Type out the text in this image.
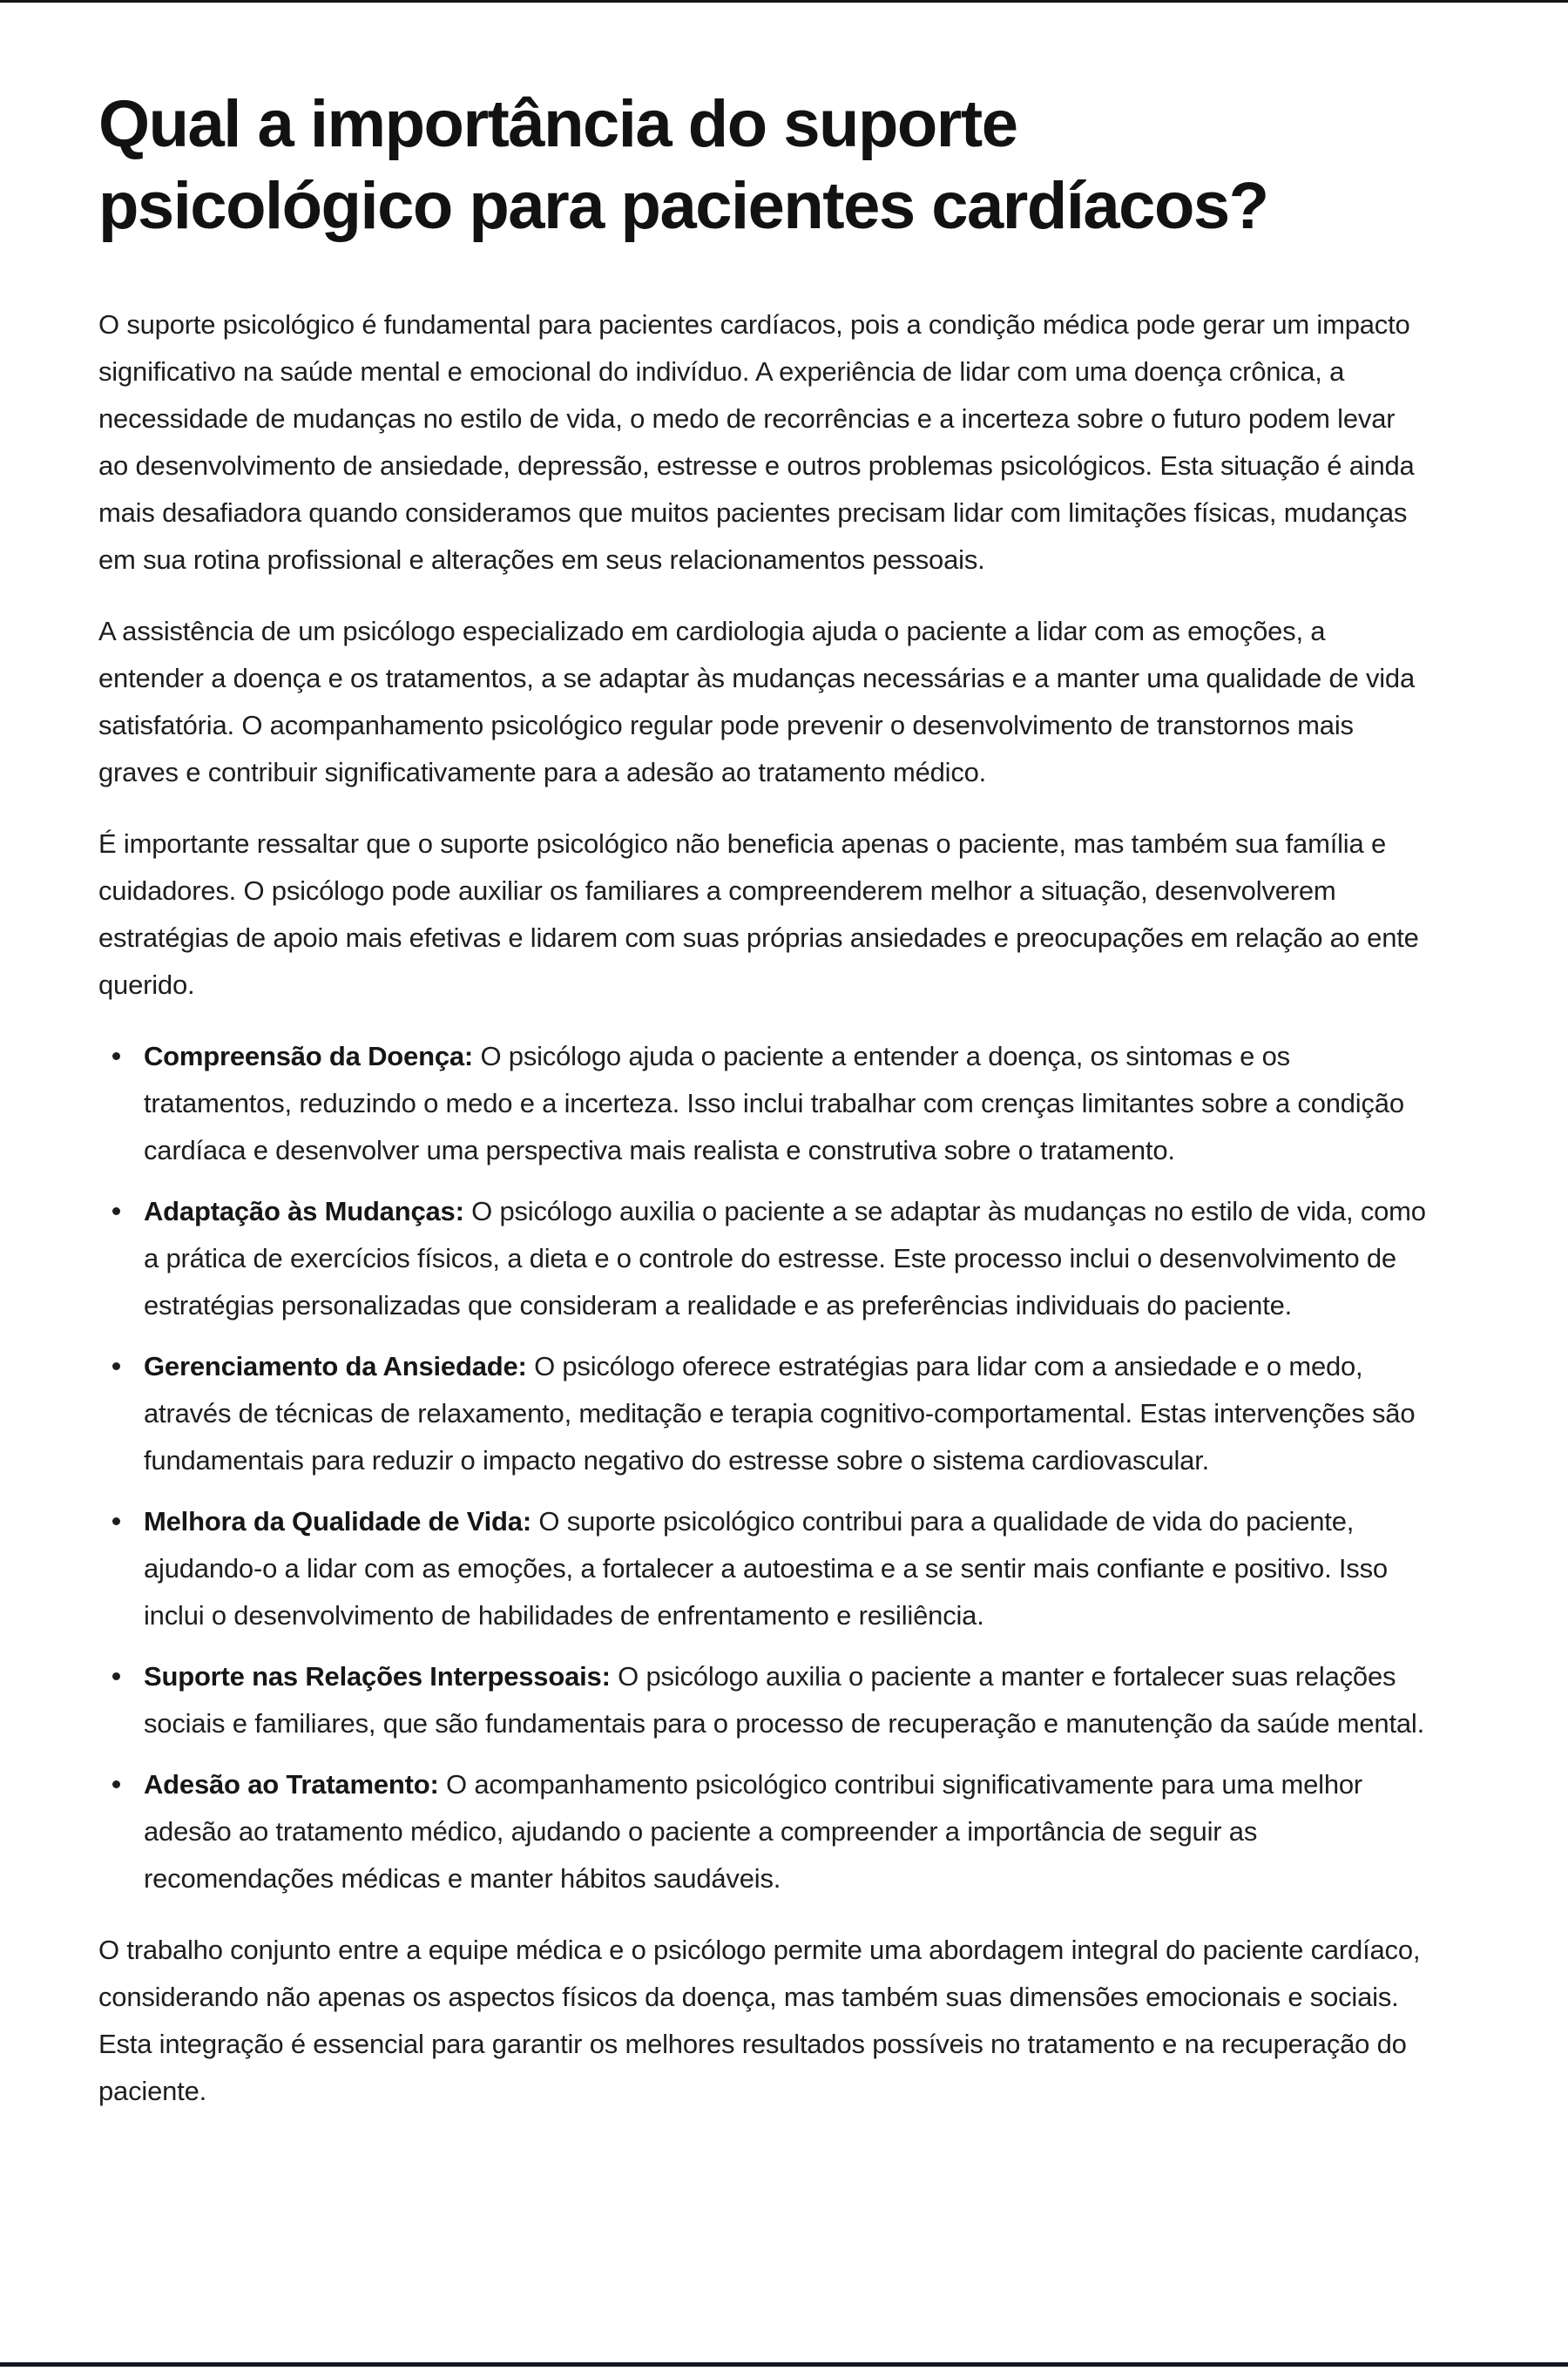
Qual a importância do suporte
psicológico para pacientes cardíacos?

O suporte psicológico é fundamental para pacientes cardíacos, pois a condição médica pode gerar um impacto significativo na saúde mental e emocional do indivíduo. A experiência de lidar com uma doença crônica, a necessidade de mudanças no estilo de vida, o medo de recorrências e a incerteza sobre o futuro podem levar ao desenvolvimento de ansiedade, depressão, estresse e outros problemas psicológicos. Esta situação é ainda mais desafiadora quando consideramos que muitos pacientes precisam lidar com limitações físicas, mudanças em sua rotina profissional e alterações em seus relacionamentos pessoais.

A assistência de um psicólogo especializado em cardiologia ajuda o paciente a lidar com as emoções, a entender a doença e os tratamentos, a se adaptar às mudanças necessárias e a manter uma qualidade de vida satisfatória. O acompanhamento psicológico regular pode prevenir o desenvolvimento de transtornos mais graves e contribuir significativamente para a adesão ao tratamento médico.

É importante ressaltar que o suporte psicológico não beneficia apenas o paciente, mas também sua família e cuidadores. O psicólogo pode auxiliar os familiares a compreenderem melhor a situação, desenvolverem estratégias de apoio mais efetivas e lidarem com suas próprias ansiedades e preocupações em relação ao ente querido.

Compreensão da Doença: O psicólogo ajuda o paciente a entender a doença, os sintomas e os tratamentos, reduzindo o medo e a incerteza. Isso inclui trabalhar com crenças limitantes sobre a condição cardíaca e desenvolver uma perspectiva mais realista e construtiva sobre o tratamento.
Adaptação às Mudanças: O psicólogo auxilia o paciente a se adaptar às mudanças no estilo de vida, como a prática de exercícios físicos, a dieta e o controle do estresse. Este processo inclui o desenvolvimento de estratégias personalizadas que consideram a realidade e as preferências individuais do paciente.
Gerenciamento da Ansiedade: O psicólogo oferece estratégias para lidar com a ansiedade e o medo, através de técnicas de relaxamento, meditação e terapia cognitivo-comportamental. Estas intervenções são fundamentais para reduzir o impacto negativo do estresse sobre o sistema cardiovascular.
Melhora da Qualidade de Vida: O suporte psicológico contribui para a qualidade de vida do paciente, ajudando-o a lidar com as emoções, a fortalecer a autoestima e a se sentir mais confiante e positivo. Isso inclui o desenvolvimento de habilidades de enfrentamento e resiliência.
Suporte nas Relações Interpessoais: O psicólogo auxilia o paciente a manter e fortalecer suas relações sociais e familiares, que são fundamentais para o processo de recuperação e manutenção da saúde mental.
Adesão ao Tratamento: O acompanhamento psicológico contribui significativamente para uma melhor adesão ao tratamento médico, ajudando o paciente a compreender a importância de seguir as recomendações médicas e manter hábitos saudáveis.

O trabalho conjunto entre a equipe médica e o psicólogo permite uma abordagem integral do paciente cardíaco, considerando não apenas os aspectos físicos da doença, mas também suas dimensões emocionais e sociais. Esta integração é essencial para garantir os melhores resultados possíveis no tratamento e na recuperação do paciente.
